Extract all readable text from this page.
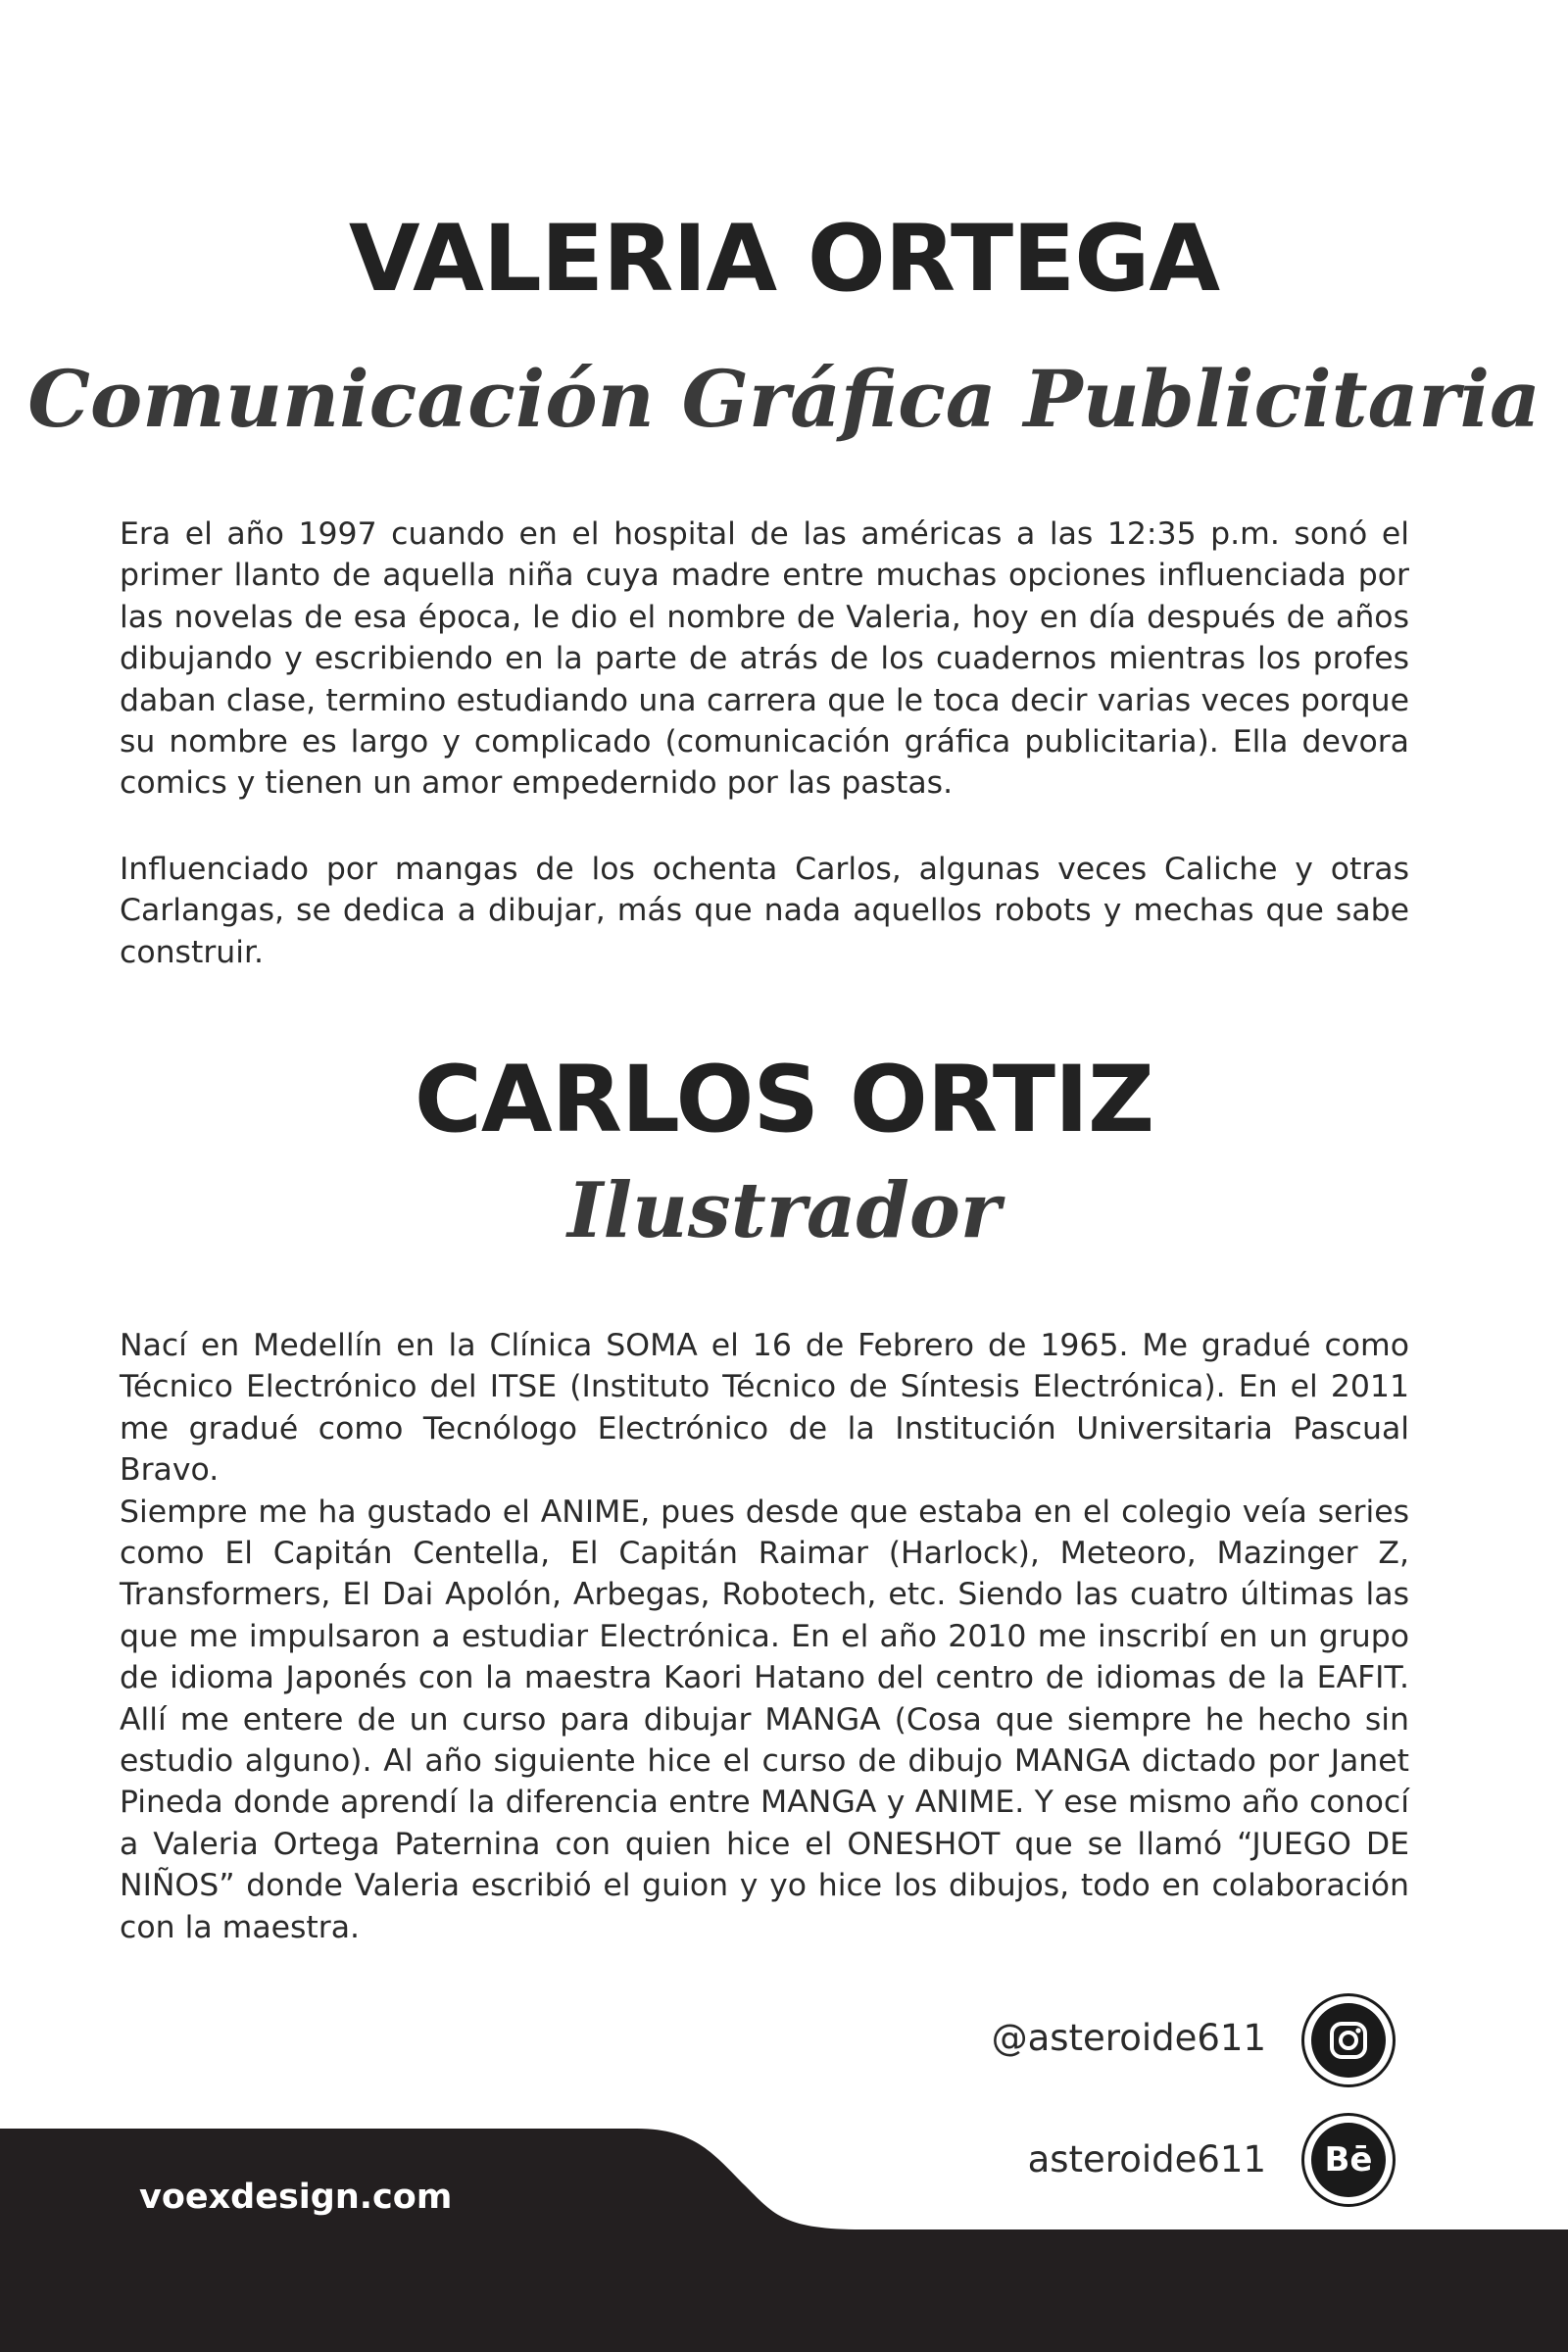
VALERIA ORTEGA
Comunicación Gráfica Publicitaria

Era el año 1997 cuando en el hospital de las américas a las 12:35 p.m. sonó el primer llanto de aquella niña cuya madre entre muchas opciones influenciada por las novelas de esa época, le dio el nombre de Valeria, hoy en día después de años dibujando y escribiendo en la parte de atrás de los cuadernos mientras los profes daban clase, termino estudiando una carrera que le toca decir varias veces porque su nombre es largo y complicado (comunicación gráfica publicitaria). Ella devora comics y tienen un amor empedernido por las pastas.

Influenciado por mangas de los ochenta Carlos, algunas veces Caliche y otras Carlangas, se dedica a dibujar, más que nada aquellos robots y mechas que sabe construir.

CARLOS ORTIZ
Ilustrador

Nací en Medellín en la Clínica SOMA el 16 de Febrero de 1965. Me gradué como Técnico Electrónico del ITSE (Instituto Técnico de Síntesis Electrónica). En el 2011 me gradué como Tecnólogo Electrónico de la Institución Universitaria Pascual Bravo.
Siempre me ha gustado el ANIME, pues desde que estaba en el colegio veía series como El Capitán Centella, El Capitán Raimar (Harlock), Meteoro, Mazinger Z, Transformers, El Dai Apolón, Arbegas, Robotech, etc. Siendo las cuatro últimas las que me impulsaron a estudiar Electrónica. En el año 2010 me inscribí en un grupo de idioma Japonés con la maestra Kaori Hatano del centro de idiomas de la EAFIT. Allí me entere de un curso para dibujar MANGA (Cosa que siempre he hecho sin estudio alguno). Al año siguiente hice el curso de dibujo MANGA dictado por Janet Pineda donde aprendí la diferencia entre MANGA y ANIME. Y ese mismo año conocí a Valeria Ortega Paternina con quien hice el ONESHOT que se llamó “JUEGO DE NIÑOS” donde Valeria escribió el guion y yo hice los dibujos, todo en colaboración con la maestra.

voexdesign.com
@asteroide611
asteroide611	Bē
